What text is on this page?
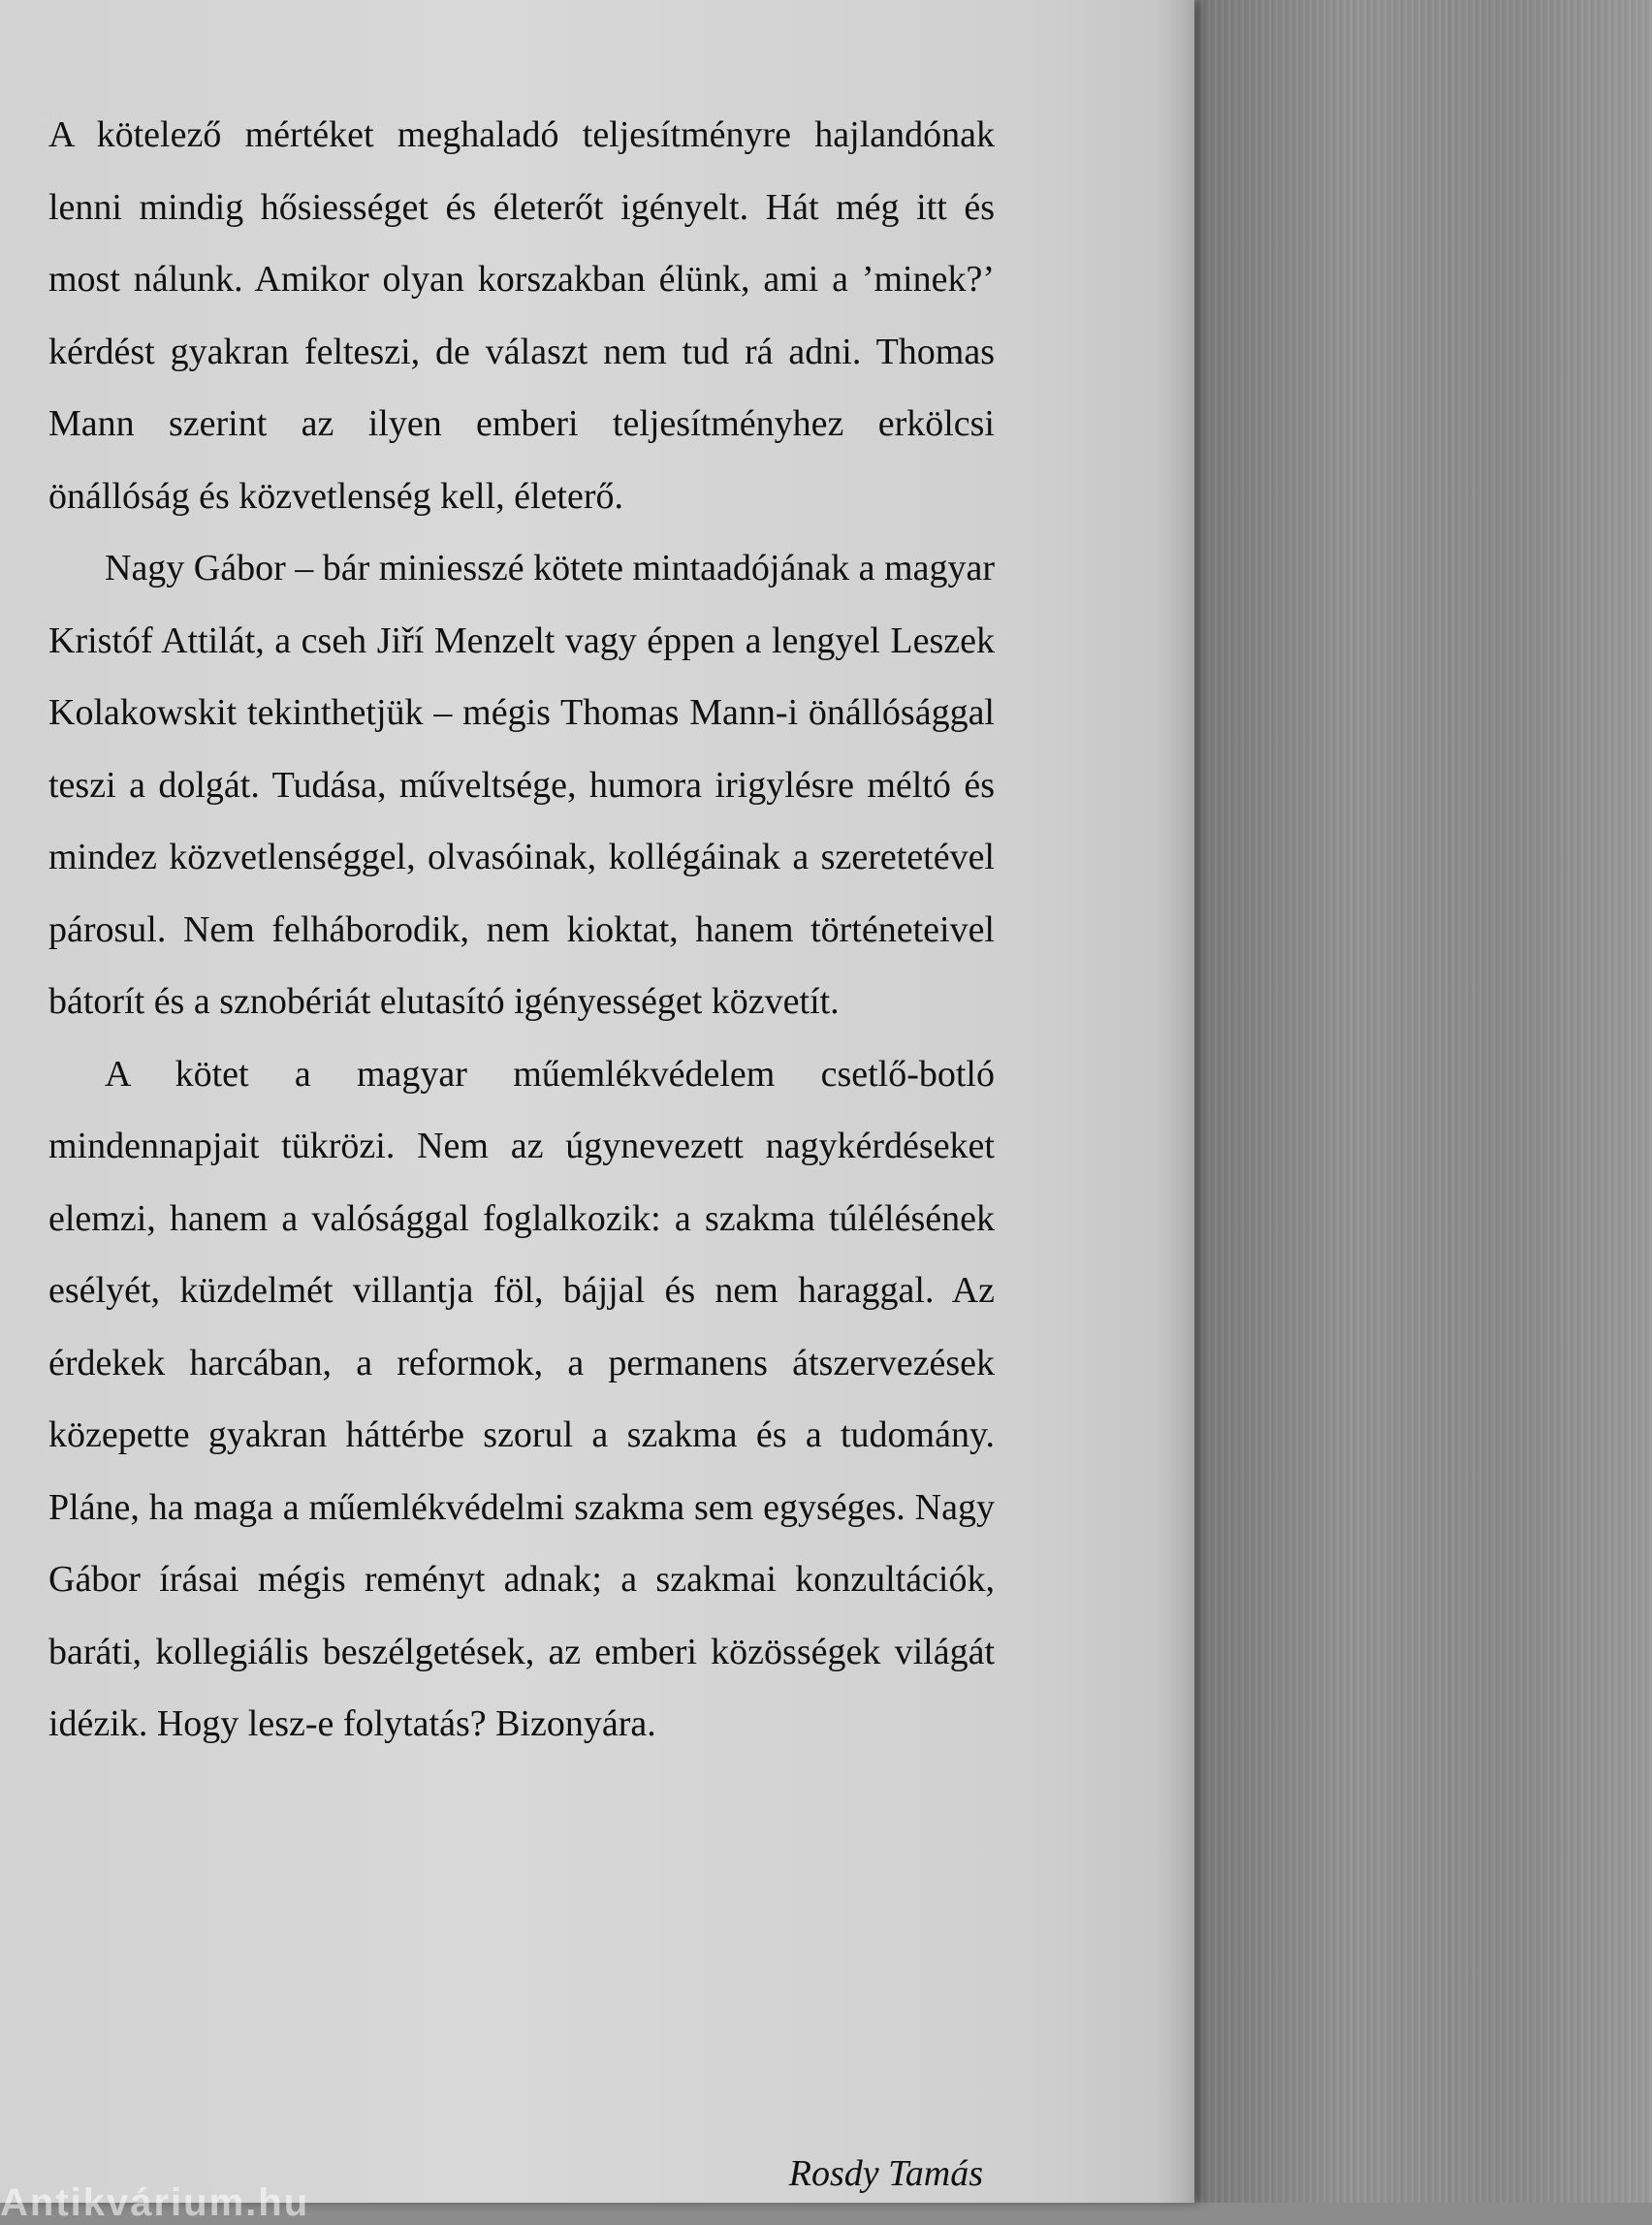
A kötelező mértéket meghaladó teljesítményre hajlandónak lenni mindig hősiességet és életerőt igényelt. Hát még itt és most nálunk. Amikor olyan korszakban élünk, ami a ’minek?’ kérdést gyakran felteszi, de választ nem tud rá adni. Thomas Mann szerint az ilyen emberi teljesítményhez erkölcsi önállóság és közvetlenség kell, életerő.

Nagy Gábor – bár miniesszé kötete mintaadójának a magyar Kristóf Attilát, a cseh Jiří Menzelt vagy éppen a lengyel Leszek Kolakowskit tekinthetjük – mégis Thomas Mann-i önállósággal teszi a dolgát. Tudása, műveltsége, humora irigylésre méltó és mindez közvetlenséggel, olvasóinak, kollégáinak a szeretetével párosul. Nem felháborodik, nem kioktat, hanem történeteivel bátorít és a sznobériát elutasító igényességet közvetít.

A kötet a magyar műemlékvédelem csetlő-botló mindennapjait tükrözi. Nem az úgynevezett nagykérdéseket elemzi, hanem a valósággal foglalkozik: a szakma túlélésének esélyét, küzdelmét villantja föl, bájjal és nem haraggal. Az érdekek harcában, a reformok, a permanens átszervezések közepette gyakran háttérbe szorul a szakma és a tudomány. Pláne, ha maga a műemlékvédelmi szakma sem egységes. Nagy Gábor írásai mégis reményt adnak; a szakmai konzultációk, baráti, kollegiális beszélgetések, az emberi közösségek világát idézik. Hogy lesz-e folytatás? Bizonyára.

Rosdy Tamás
Antikvárium.hu
